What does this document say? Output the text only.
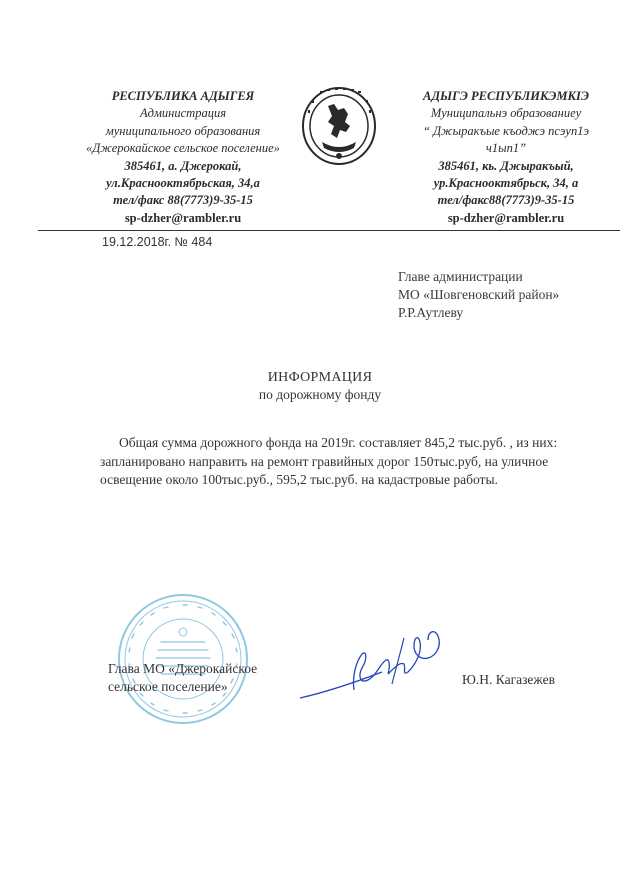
РЕСПУБЛИКА АДЫГЕЯ
Администрация
муниципального образования
«Джерокайское сельское поселение»
385461, а. Джерокай,
ул.Краснооктябрьская, 34,а
тел/факс 88(7773)9-35-15
sp-dzher@rambler.ru
АДЫГЭ РЕСПУБЛИКЭМКIЭ
Муниципальнэ образованиеу
“ Джыракъые къоджэ псэуп1э
ч1ып1”
385461, кь. Джыракъый,
ур.Краснооктябрьск, 34, а
тел/факс88(7773)9-35-15
sp-dzher@rambler.ru
19.12.2018г. № 484
Главе администрации
МО «Шовгеновский район»
Р.Р.Аутлеву
ИНФОРМАЦИЯ
по дорожному фонду
Общая сумма дорожного фонда на 2019г. составляет 845,2 тыс.руб. , из них: запланировано направить на ремонт гравийных дорог 150тыс.руб, на уличное освещение около 100тыс.руб., 595,2 тыс.руб. на кадастровые работы.
Глава МО «Джерокайское
сельское поселение»	Ю.Н. Кагазежев
